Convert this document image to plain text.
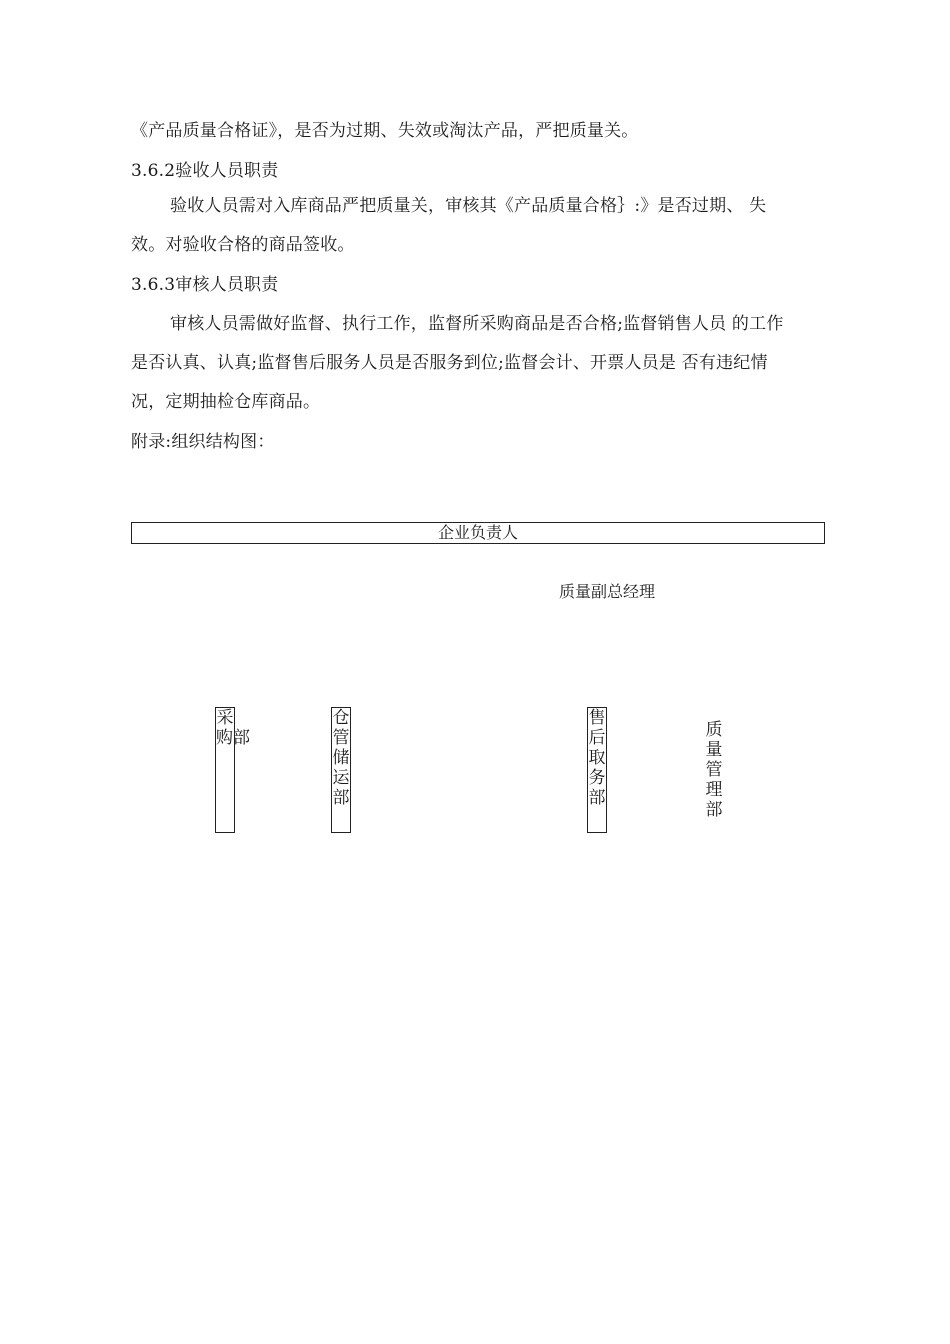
《产品质量合格证》，是否为过期、失效或淘汰产品，严把质量关。
3.6.2验收人员职责
验收人员需对入库商品严把质量关，审核其《产品质量合格｝:》是否过期、 失
效。对验收合格的商品签收。
3.6.3审核人员职责
审核人员需做好监督、执行工作，监督所采购商品是否合格;监督销售人员 的工作
是否认真、认真;监督售后服务人员是否服务到位;监督会计、开票人员是 否有违纪情
况，定期抽检仓库商品。
附录:组织结构图：
企业负责人
质量副总经理
采
购部
仓管储运部
售后取务部
质量管理部
